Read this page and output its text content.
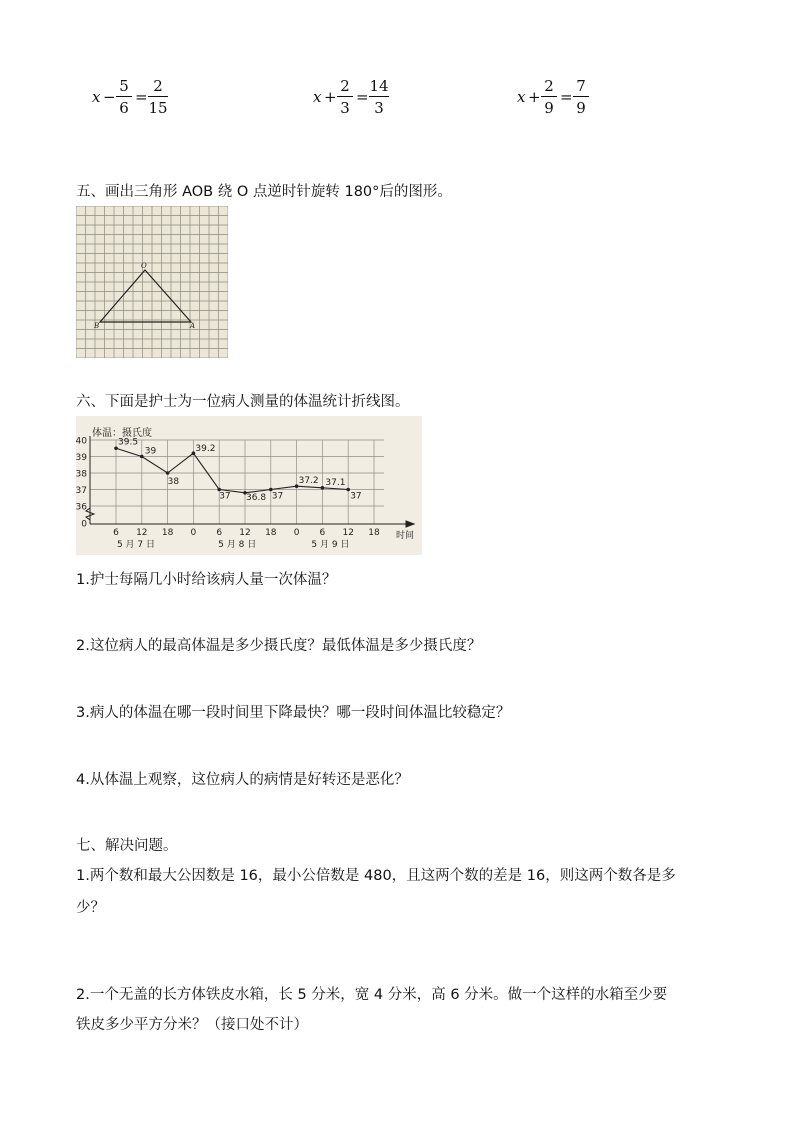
x −
5
6
=
2
15
x +
2
3
=
14
3
x +
2
9
=
7
9
五、画出三角形 AOB 绕 O 点逆时针旋转 180°后的图形。
O
B	A
六、下面是护士为一位病人测量的体温统计折线图。
体温：摄氏度
时间
40
39
38
37
36
0
6 12 18 0 6 12 18 0 6 12 18
5 月 7 日	5 月 8 日	5 月 9 日
39.5
39
38
39.2
37 36.8 37
37.2 37.1
37
1.护士每隔几小时给该病人量一次体温？
2.这位病人的最高体温是多少摄氏度？最低体温是多少摄氏度？
3.病人的体温在哪一段时间里下降最快？哪一段时间体温比较稳定？
4.从体温上观察，这位病人的病情是好转还是恶化？
七、解决问题。
1.两个数和最大公因数是 16，最小公倍数是 480，且这两个数的差是 16，则这两个数各是多
少？
2.一个无盖的长方体铁皮水箱，长 5 分米，宽 4 分米，高 6 分米。做一个这样的水箱至少要
铁皮多少平方分米？（接口处不计）
